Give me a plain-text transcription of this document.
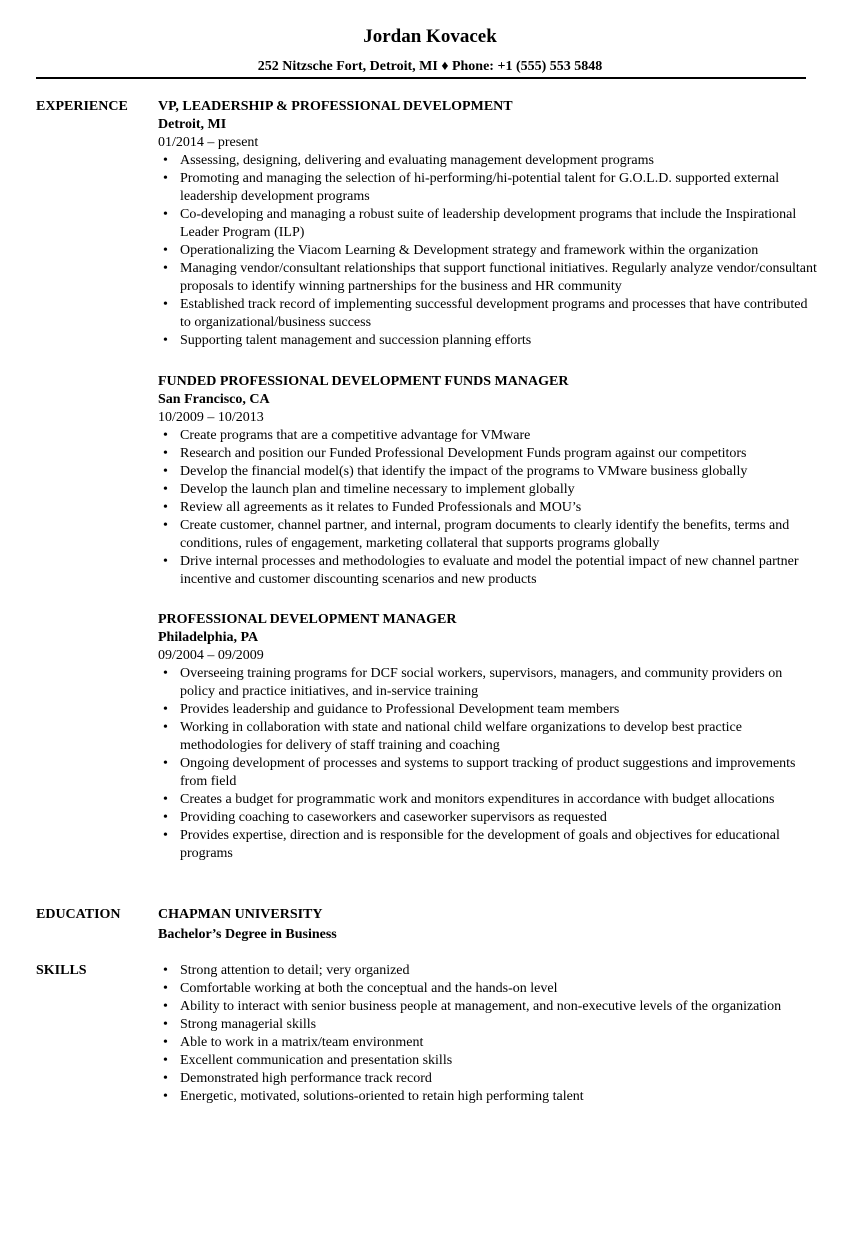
Jordan Kovacek
252 Nitzsche Fort, Detroit, MI ♦ Phone: +1 (555) 553 5848
EXPERIENCE VP, LEADERSHIP & PROFESSIONAL DEVELOPMENT
Detroit, MI
01/2014 – present
• Assessing, designing, delivering and evaluating management development programs
• Promoting and managing the selection of hi-performing/hi-potential talent for G.O.L.D. supported external leadership development programs
• Co-developing and managing a robust suite of leadership development programs that include the Inspirational Leader Program (ILP)
• Operationalizing the Viacom Learning & Development strategy and framework within the organization
• Managing vendor/consultant relationships that support functional initiatives. Regularly analyze vendor/consultant proposals to identify winning partnerships for the business and HR community
• Established track record of implementing successful development programs and processes that have contributed to organizational/business success
• Supporting talent management and succession planning efforts
FUNDED PROFESSIONAL DEVELOPMENT FUNDS MANAGER
San Francisco, CA
10/2009 – 10/2013
• Create programs that are a competitive advantage for VMware
• Research and position our Funded Professional Development Funds program against our competitors
• Develop the financial model(s) that identify the impact of the programs to VMware business globally
• Develop the launch plan and timeline necessary to implement globally
• Review all agreements as it relates to Funded Professionals and MOU’s
• Create customer, channel partner, and internal, program documents to clearly identify the benefits, terms and conditions, rules of engagement, marketing collateral that supports programs globally
• Drive internal processes and methodologies to evaluate and model the potential impact of new channel partner incentive and customer discounting scenarios and new products
PROFESSIONAL DEVELOPMENT MANAGER
Philadelphia, PA
09/2004 – 09/2009
• Overseeing training programs for DCF social workers, supervisors, managers, and community providers on policy and practice initiatives, and in-service training
• Provides leadership and guidance to Professional Development team members
• Working in collaboration with state and national child welfare organizations to develop best practice methodologies for delivery of staff training and coaching
• Ongoing development of processes and systems to support tracking of product suggestions and improvements from field
• Creates a budget for programmatic work and monitors expenditures in accordance with budget allocations
• Providing coaching to caseworkers and caseworker supervisors as requested
• Provides expertise, direction and is responsible for the development of goals and objectives for educational programs
EDUCATION	CHAPMAN UNIVERSITY
Bachelor’s Degree in Business
SKILLS	• Strong attention to detail; very organized
• Comfortable working at both the conceptual and the hands-on level
• Ability to interact with senior business people at management, and non-executive levels of the organization
• Strong managerial skills
• Able to work in a matrix/team environment
• Excellent communication and presentation skills
• Demonstrated high performance track record
• Energetic, motivated, solutions-oriented to retain high performing talent
